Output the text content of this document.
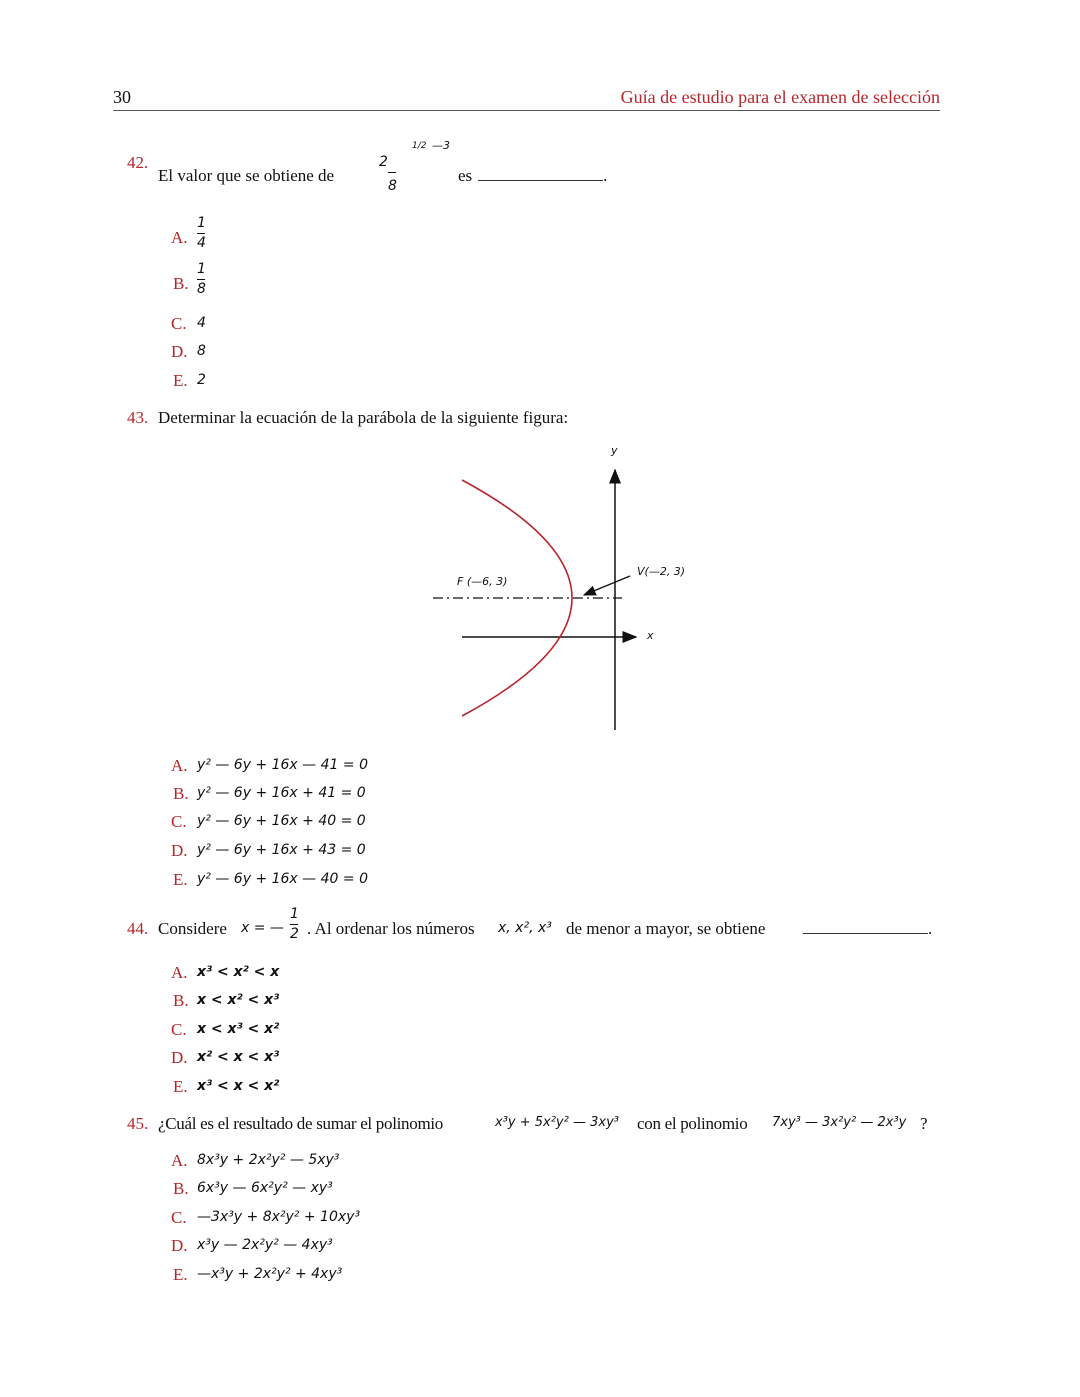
30	Guía de estudio para el examen de selección
42.
El valor que se obtiene de
2
8
1/2 —3
es	.
A.
1
4
B.
1
8
C. 4
D. 8
E. 2
43. Determinar la ecuación de la parábola de la siguiente figura:
y
x
F (—6, 3)
V(—2, 3)
A. y² — 6y + 16x — 41 = 0
B. y² — 6y + 16x + 41 = 0
C. y² — 6y + 16x + 40 = 0
D. y² — 6y + 16x + 43 = 0
E. y² — 6y + 16x — 40 = 0
44. Considere x = —
1
2 . Al ordenar los números x, x², x³ de menor a mayor, se obtiene	.
A. x³ < x² < x
B. x < x² < x³
C. x < x³ < x²
D. x² < x < x³
E. x³ < x < x²
45. ¿Cuál es el resultado de sumar el polinomio	x³y + 5x²y² — 3xy³ con el polinomio 7xy³ — 3x²y² — 2x³y ?
A. 8x³y + 2x²y² — 5xy³
B. 6x³y — 6x²y² — xy³
C. —3x³y + 8x²y² + 10xy³
D. x³y — 2x²y² — 4xy³
E. —x³y + 2x²y² + 4xy³
